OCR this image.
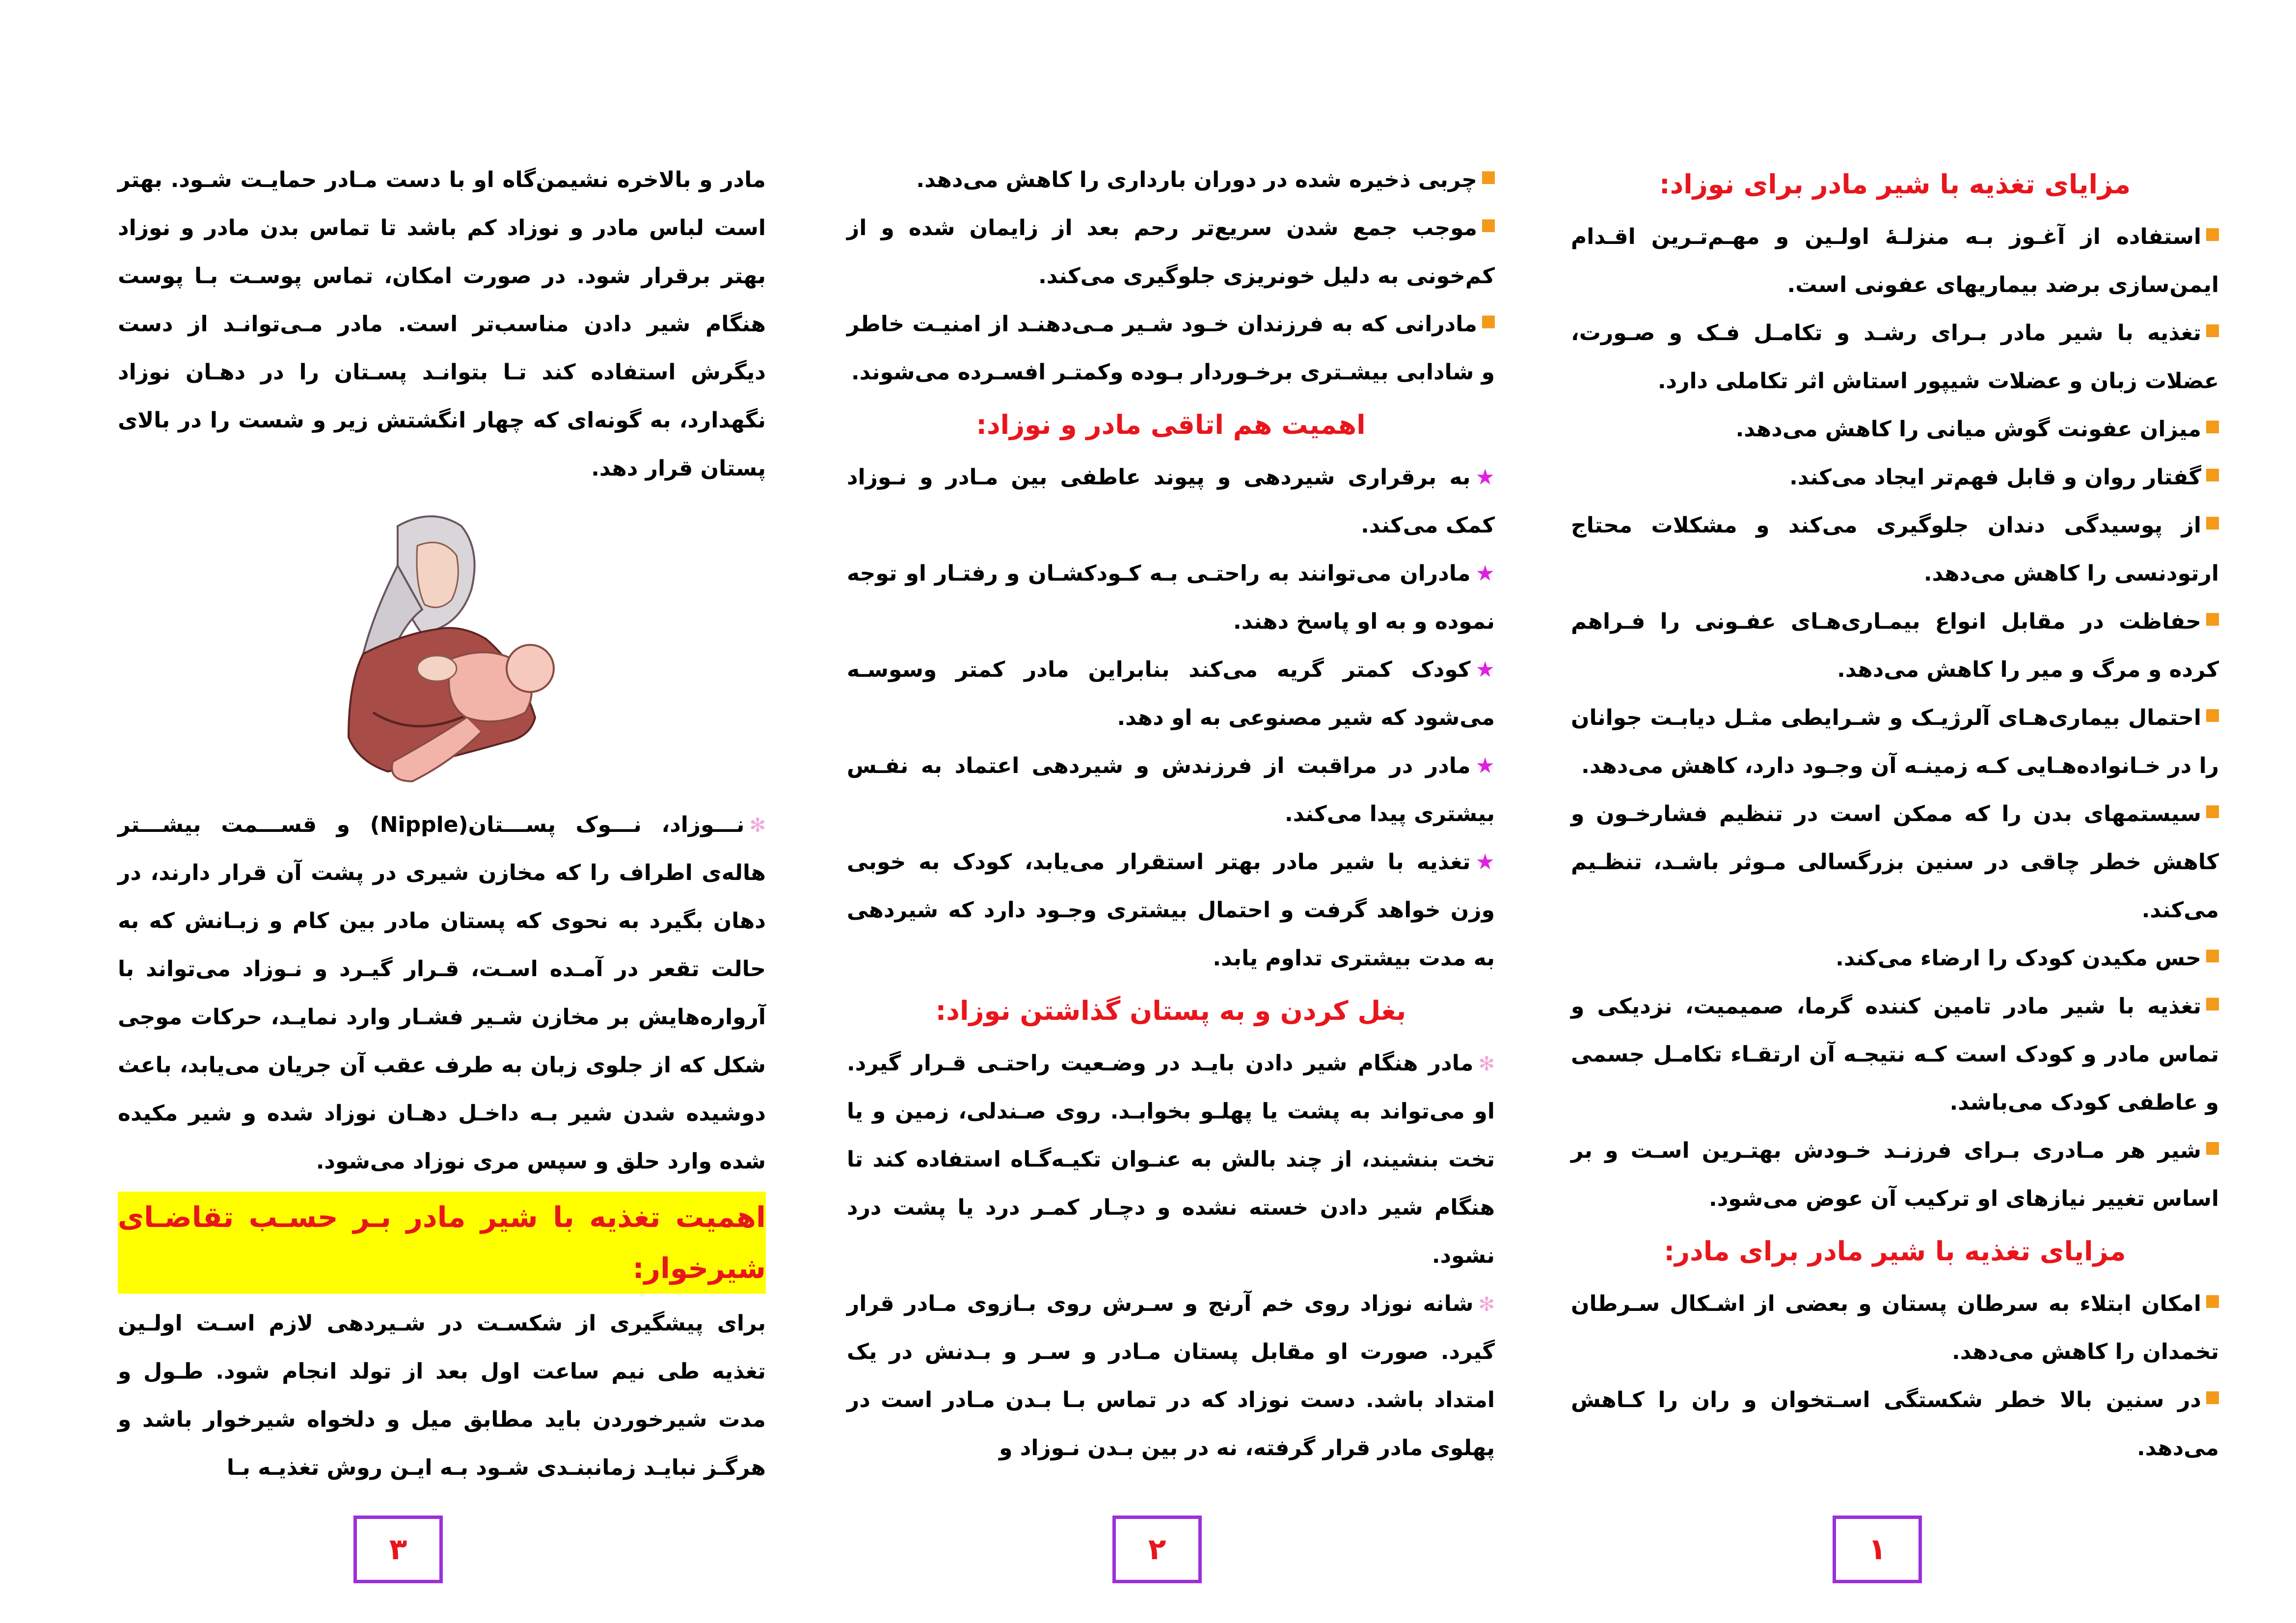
مزایای تغذیه با شیر مادر برای نوزاد:

استفاده از آغـوز بـه منزلـهٔ اولـین و مهـم‌تـرین اقـدام ایمن‌سازی برضد بیماریهای عفونی است.

تغذیه با شیر مادر بـرای رشـد و تکامـل فـک و صـورت، عضلات زبان و عضلات شیپور استاش اثر تکاملی دارد.

میزان عفونت گوش میانی را کاهش می‌دهد.

گفتار روان و قابل فهم‌تر ایجاد می‌کند.

از پوسیدگی دندان جلوگیری می‌کند و مشکلات محتاج ارتودنسی را کاهش می‌دهد.

حفاظت در مقابل انواع بیمـاری‌هـای عفـونی را فـراهم کرده و مرگ و میر را کاهش می‌دهد.

احتمال بیماری‌هـای آلرژیـک و شـرایطی مثـل دیابـت جوانان را در خـانواده‌هـایی کـه زمینـه آن وجـود دارد، کاهش می‌دهد.

سیستمهای بدن را که ممکن است در تنظیم فشارخـون و کاهش خطر چاقی در سنین بزرگسالی مـوثر باشـد، تنظـیم می‌کند.

حس مکیدن کودک را ارضاء می‌کند.

تغذیه با شیر مادر تامین کننده گرما، صمیمیت، نزدیکی و تماس مادر و کودک است کـه نتیجـه آن ارتقـاء تکامـل جسمی و عاطفی کودک می‌باشد.

شیر هر مـادری بـرای فرزنـد خـودش بهتـرین اسـت و بر اساس تغییر نیازهای او ترکیب آن عوض می‌شود.

مزایای تغذیه با شیر مادر برای مادر:

امکان ابتلاء به سرطان پستان و بعضی از اشـکال سـرطان تخمدان را کاهش می‌دهد.

در سنین بالا خطر شکستگی اسـتخوان و ران را کـاهش می‌دهد.

۱

چربی ذخیره شده در دوران بارداری را کاهش می‌دهد.

موجب جمع شدن سریع‌تر رحم بعد از زایمان شده و از کم‌خونی به دلیل خونریزی جلوگیری می‌کند.

مادرانی که به فرزندان خـود شـیر مـی‌دهنـد از امنیـت خاطر و شادابی بیشـتری برخـوردار بـوده وکمتـر افسـرده می‌شوند.

اهمیت هم اتاقی مادر و نوزاد:

★به برقراری شیردهی و پیوند عاطفی بین مـادر و نـوزاد کمک می‌کند.

★مادران می‌توانند به راحتـی بـه کـودکشـان و رفتـار او توجه نموده و به او پاسخ دهند.

★کودک کمتر گریه می‌کند بنابراین مادر کمتر وسوسـه می‌شود که شیر مصنوعی به او دهد.

★مادر در مراقبت از فرزندش و شیردهی اعتماد به نفـس بیشتری پیدا می‌کند.

★تغذیه با شیر مادر بهتر استقرار می‌یابد، کودک به خوبی وزن خواهد گرفت و احتمال بیشتری وجـود دارد که شیردهی به مدت بیشتری تداوم یابد.

بغل کردن و به پستان گذاشتن نوزاد:

✻مادر هنگام شیر دادن بایـد در وضـعیت راحتـی قـرار گیرد. او می‌تواند به پشت یا پهلـو بخوابـد. روی صـندلی، زمین و یا تخت بنشیند، از چند بالش به عنـوان تکیـه‌گـاه استفاده کند تا هنگام شیر دادن خسته نشده و دچـار کمـر درد یا پشت درد نشود.

✻شانه نوزاد روی خم آرنج و سـرش روی بـازوی مـادر قرار گیرد. صورت او مقابل پستان مـادر و سـر و بـدنش در یک امتداد باشد. دست نوزاد که در تماس بـا بـدن مـادر است در پهلوی مادر قرار گرفته، نه در بین بـدن نـوزاد و

۲

مادر و بالاخره نشیمن‌گاه او با دست مـادر حمایـت شـود. بهتر است لباس مادر و نوزاد کم باشد تا تماس بدن مادر و نوزاد بهتر برقرار شود. در صورت امکان، تماس پوسـت بـا پوست هنگام شیر دادن مناسب‌تر است. مادر مـی‌توانـد از دست دیگرش استفاده کند تـا بتوانـد پسـتان را در دهـان نوزاد نگهدارد، به گونه‌ای که چهار انگشتش زیر و شست را در بالای پستان قرار دهد.

✻نـــوزاد، نـــوک پســـتان(Nipple) و قســـمت بیشـــتر هاله‌ی اطراف را که مخازن شیری در پشت آن قرار دارند، در دهان بگیرد به نحوی که پستان مادر بین کام و زبـانش که به حالت تقعر در آمـده اسـت، قـرار گیـرد و نـوزاد می‌تواند با آرواره‌هایش بر مخازن شـیر فشـار وارد نمایـد، حرکات موجی شکل که از جلوی زبان به طرف عقب آن جریان می‌یابد، باعث دوشیده شدن شیر بـه داخـل دهـان نوزاد شده و شیر مکیده شده وارد حلق و سپس مری نوزاد می‌شود.

اهمیت تغذیه با شیر مادر بـر حسـب تقاضـای شیرخوار:

برای پیشگیری از شکسـت در شـیردهی لازم اسـت اولـین تغذیه طی نیم ساعت اول بعد از تولد انجام شود. طـول و مدت شیرخوردن باید مطابق میل و دلخواه شیرخوار باشد و هرگـز نبایـد زمانبنـدی شـود بـه ایـن روش تغذیـه بـا

۳
